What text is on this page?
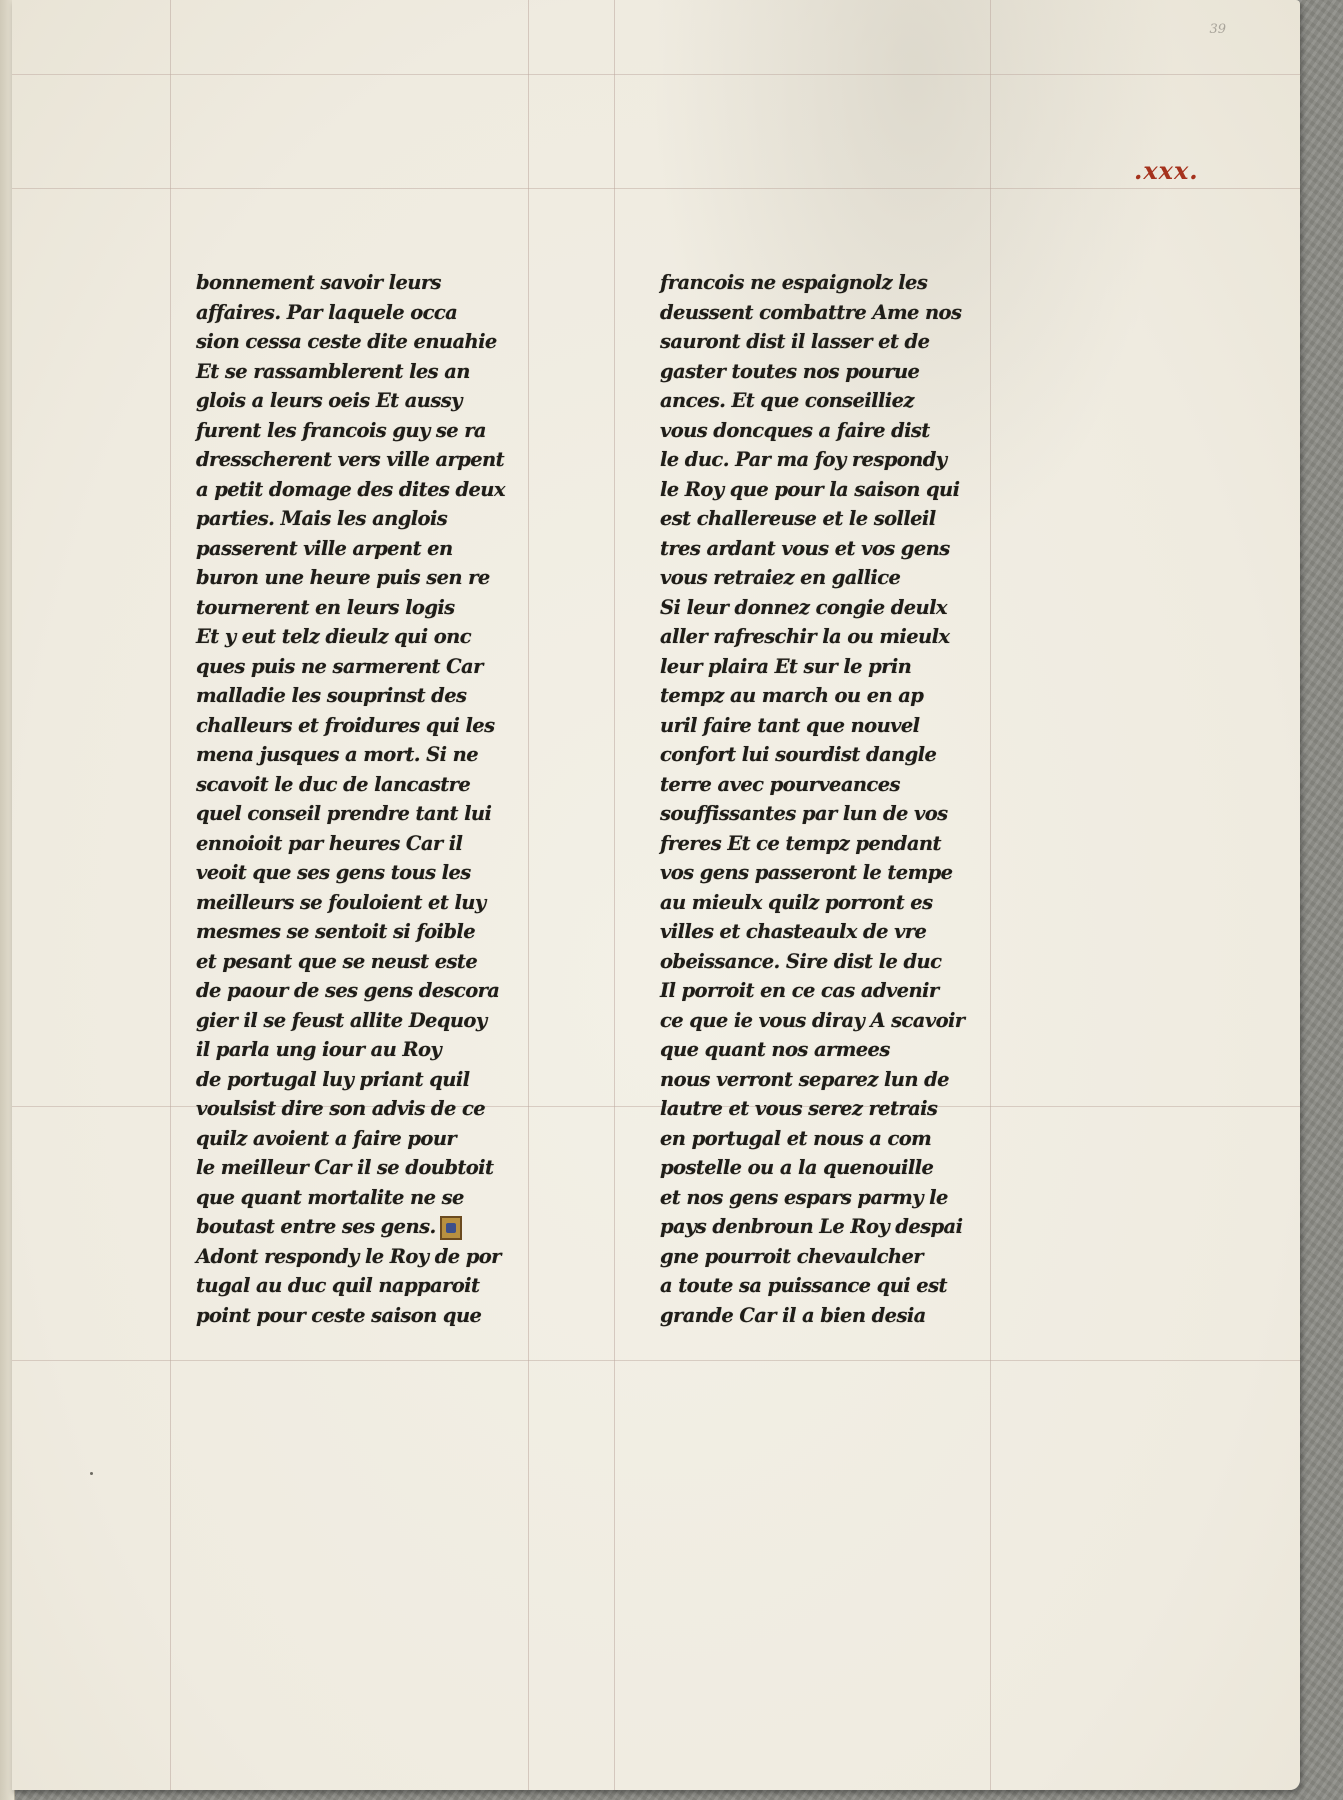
39
.xxx.
bonnement savoir leurs
affaires. Par laquele occa
sion cessa ceste dite enuahie
Et se rassamblerent les an
glois a leurs oeis Et aussy
furent les francois guy se ra
dresscherent vers ville arpent
a petit domage des dites deux
parties. Mais les anglois
passerent ville arpent en
buron une heure puis sen re
tournerent en leurs logis
Et y eut telz dieulz qui onc
ques puis ne sarmerent Car
malladie les souprinst des
challeurs et froidures qui les
mena jusques a mort. Si ne
scavoit le duc de lancastre
quel conseil prendre tant lui
ennoioit par heures Car il
veoit que ses gens tous les
meilleurs se fouloient et luy
mesmes se sentoit si foible
et pesant que se neust este
de paour de ses gens descora
gier il se feust allite Dequoy
il parla ung iour au Roy
de portugal luy priant quil
voulsist dire son advis de ce
quilz avoient a faire pour
le meilleur Car il se doubtoit
que quant mortalite ne se
boutast entre ses gens.
Adont respondy le Roy de por
tugal au duc quil napparoit
point pour ceste saison que
francois ne espaignolz les
deussent combattre Ame nos
sauront dist il lasser et de
gaster toutes nos pourue
ances. Et que conseilliez
vous doncques a faire dist
le duc. Par ma foy respondy
le Roy que pour la saison qui
est challereuse et le solleil
tres ardant vous et vos gens
vous retraiez en gallice
Si leur donnez congie deulx
aller rafreschir la ou mieulx
leur plaira Et sur le prin
tempz au march ou en ap
uril faire tant que nouvel
confort lui sourdist dangle
terre avec pourveances
souffissantes par lun de vos
freres Et ce tempz pendant
vos gens passeront le tempe
au mieulx quilz porront es
villes et chasteaulx de vre
obeissance. Sire dist le duc
Il porroit en ce cas advenir
ce que ie vous diray A scavoir
que quant nos armees
nous verront separez lun de
lautre et vous serez retrais
en portugal et nous a com
postelle ou a la quenouille
et nos gens espars parmy le
pays denbroun Le Roy despai
gne pourroit chevaulcher
a toute sa puissance qui est
grande Car il a bien desia
